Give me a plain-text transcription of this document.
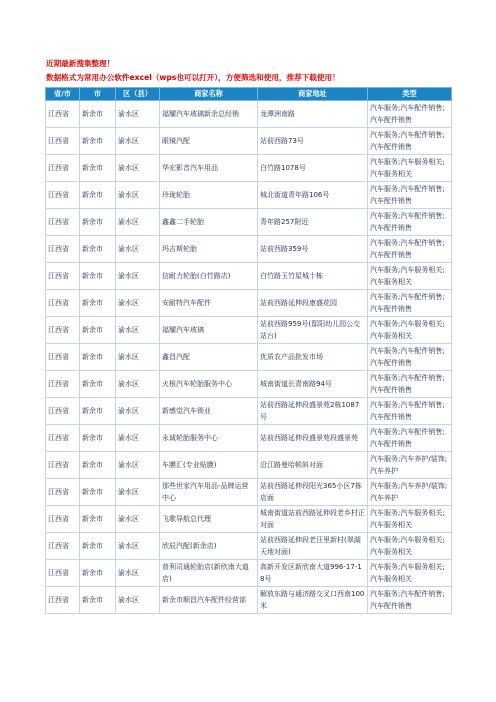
近期最新搜集整理！
数据格式为常用办公软件excel（wps也可以打开），方便筛选和使用，推荐下载使用！
省/市	市	区（县）	商家名称	商家地址	类型
江西省	新余市	渝水区	福耀汽车玻璃新余总经销	龙潭洲南路	汽车服务;汽车配件销售;汽车配件销售
江西省	新余市	渝水区	眼镜汽配	站前西路73号	汽车服务;汽车配件销售;汽车配件销售
江西省	新余市	渝水区	华宏影音汽车用品	白竹路1078号	汽车服务;汽车服务相关;汽车服务相关
江西省	新余市	渝水区	玲珑轮胎	城北街道青年路106号	汽车服务;汽车配件销售;汽车配件销售
江西省	新余市	渝水区	鑫鑫二手轮胎	青年路257附近	汽车服务;汽车配件销售;汽车配件销售
江西省	新余市	渝水区	玛吉斯轮胎	站前西路359号	汽车服务;汽车配件销售;汽车配件销售
江西省	新余市	渝水区	信耐力轮胎(白竹路店)	白竹路玉竹星城十栋	汽车服务;汽车服务相关;汽车服务相关
江西省	新余市	渝水区	安耐特汽车配件	站前西路延伸段康盛花园	汽车服务;汽车配件销售;汽车配件销售
江西省	新余市	渝水区	福耀汽车玻璃	站前西路959号(邸阳幼儿园公交站台)	汽车服务;汽车服务相关;汽车服务相关
江西省	新余市	渝水区	鑫昌汽配	优质农产品批发市场	汽车服务;汽车配件销售;汽车配件销售
江西省	新余市	渝水区	火根汽车轮胎服务中心	城南街道长青南路94号	汽车服务;汽车配件销售;汽车配件销售
江西省	新余市	渝水区	新感觉汽车锁业	站前西路延伸段盛景苑2栋1087号	汽车服务;汽车配件销售;汽车配件销售
江西省	新余市	渝水区	永诚轮胎服务中心	站前西路延伸段盛景苑段盛景苑	汽车服务;汽车配件销售;汽车配件销售
江西省	新余市	渝水区	车膜汇(专业贴膜)	沿江路曼哈顿斜对面	汽车服务;汽车养护/装饰;汽车养护
江西省	新余市	渝水区	那些世家汽车用品-品牌运营中心	站前西路延伸段阳光365小区7栋店面	汽车服务;汽车养护/装饰;汽车养护
江西省	新余市	渝水区	飞歌导航总代理	城南街道站前西路延伸段老乡村正对面	汽车服务;汽车服务相关;汽车服务相关
江西省	新余市	渝水区	欣辰汽配(新余店)	站前西路延伸段老汪里新村(翠湖天地对面)	汽车服务;汽车服务相关;汽车服务相关
江西省	新余市	渝水区	普利司通轮胎店(新欣南大道店)	高新开发区新欣南大道996-17-18号	汽车服务;汽车服务相关;汽车服务相关
江西省	新余市	渝水区	新余市顺昌汽车配件经营部	解放东路与通济路交叉口西南100米	汽车服务;汽车配件销售;汽车配件销售
